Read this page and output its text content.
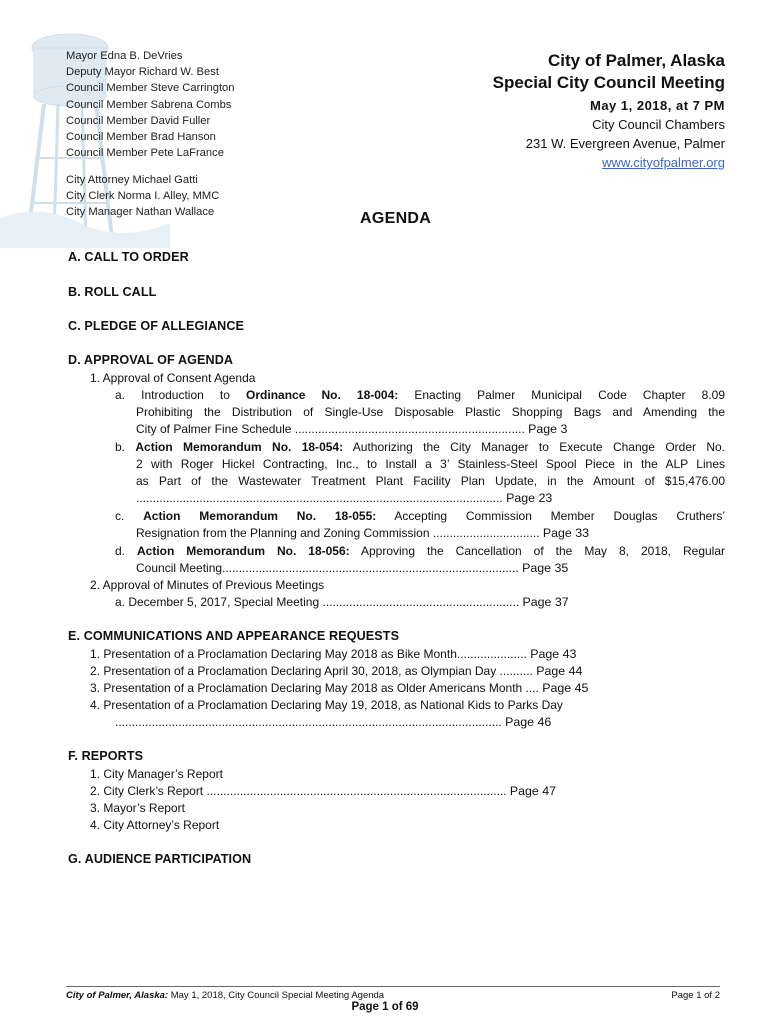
Mayor Edna B. DeVries
Deputy Mayor Richard W. Best
Council Member Steve Carrington
Council Member Sabrena Combs
Council Member David Fuller
Council Member Brad Hanson
Council Member Pete LaFrance
City Attorney Michael Gatti
City Clerk Norma I. Alley, MMC
City Manager Nathan Wallace
City of Palmer, Alaska
Special City Council Meeting
May 1, 2018, at 7 PM
City Council Chambers
231 W. Evergreen Avenue, Palmer
www.cityofpalmer.org
AGENDA
A. CALL TO ORDER
B. ROLL CALL
C. PLEDGE OF ALLEGIANCE
D. APPROVAL OF AGENDA
1. Approval of Consent Agenda
a. Introduction to Ordinance No. 18-004: Enacting Palmer Municipal Code Chapter 8.09
Prohibiting the Distribution of Single-Use Disposable Plastic Shopping Bags and Amending the
City of Palmer Fine Schedule ..................................................................... Page 3
b. Action Memorandum No. 18-054: Authorizing the City Manager to Execute Change Order No.
2 with Roger Hickel Contracting, Inc., to Install a 3’ Stainless-Steel Spool Piece in the ALP Lines
as Part of the Wastewater Treatment Plant Facility Plan Update, in the Amount of $15,476.00
.............................................................................................................. Page 23
c. Action Memorandum No. 18-055: Accepting Commission Member Douglas Cruthers’
Resignation from the Planning and Zoning Commission ................................ Page 33
d. Action Memorandum No. 18-056: Approving the Cancellation of the May 8, 2018, Regular
Council Meeting......................................................................................... Page 35
2. Approval of Minutes of Previous Meetings
a. December 5, 2017, Special Meeting ........................................................... Page 37
E. COMMUNICATIONS AND APPEARANCE REQUESTS
1. Presentation of a Proclamation Declaring May 2018 as Bike Month..................... Page 43
2. Presentation of a Proclamation Declaring April 30, 2018, as Olympian Day .......... Page 44
3. Presentation of a Proclamation Declaring May 2018 as Older Americans Month .... Page 45
4. Presentation of a Proclamation Declaring May 19, 2018, as National Kids to Parks Day
.................................................................................................................... Page 46
F. REPORTS
1. City Manager’s Report
2. City Clerk’s Report .......................................................................................... Page 47
3. Mayor’s Report
4. City Attorney’s Report
G. AUDIENCE PARTICIPATION
City of Palmer, Alaska: May 1, 2018, City Council Special Meeting Agenda	Page 1 of 2
Page 1 of 69
